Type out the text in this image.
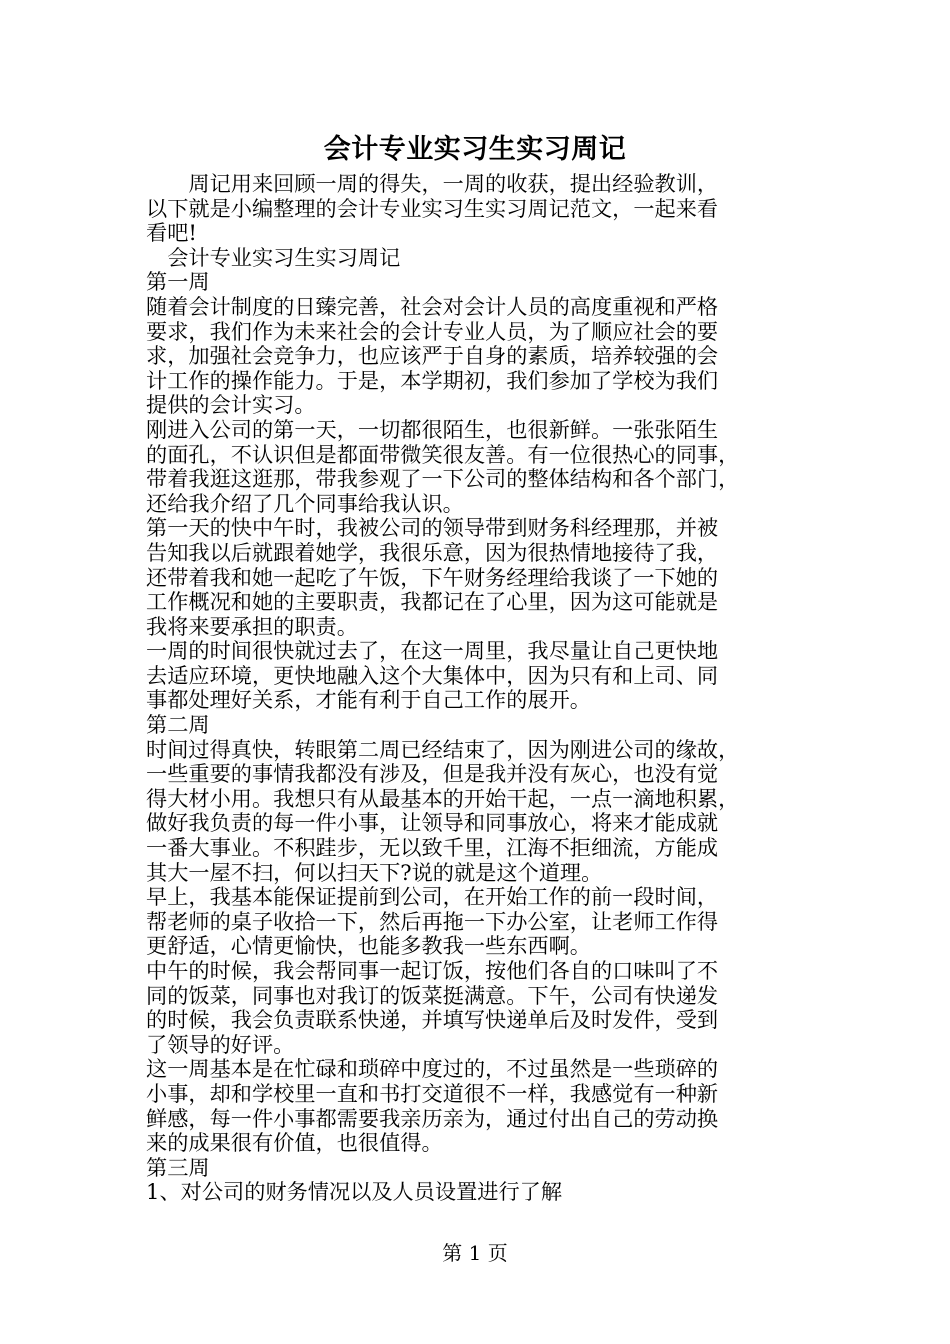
会计专业实习生实习周记
　　周记用来回顾一周的得失，一周的收获，提出经验教训，
以下就是小编整理的会计专业实习生实习周记范文，一起来看
看吧!
　会计专业实习生实习周记
第一周
随着会计制度的日臻完善，社会对会计人员的高度重视和严格
要求，我们作为未来社会的会计专业人员，为了顺应社会的要
求，加强社会竞争力，也应该严于自身的素质，培养较强的会
计工作的操作能力。于是，本学期初，我们参加了学校为我们
提供的会计实习。
刚进入公司的第一天，一切都很陌生，也很新鲜。一张张陌生
的面孔，不认识但是都面带微笑很友善。有一位很热心的同事，
带着我逛这逛那，带我参观了一下公司的整体结构和各个部门，
还给我介绍了几个同事给我认识。
第一天的快中午时，我被公司的领导带到财务科经理那，并被
告知我以后就跟着她学，我很乐意，因为很热情地接待了我，
还带着我和她一起吃了午饭，下午财务经理给我谈了一下她的
工作概况和她的主要职责，我都记在了心里，因为这可能就是
我将来要承担的职责。
一周的时间很快就过去了，在这一周里，我尽量让自己更快地
去适应环境，更快地融入这个大集体中，因为只有和上司、同
事都处理好关系，才能有利于自己工作的展开。
第二周
时间过得真快，转眼第二周已经结束了，因为刚进公司的缘故，
一些重要的事情我都没有涉及，但是我并没有灰心，也没有觉
得大材小用。我想只有从最基本的开始干起，一点一滴地积累，
做好我负责的每一件小事，让领导和同事放心，将来才能成就
一番大事业。不积跬步，无以致千里，江海不拒细流，方能成
其大一屋不扫，何以扫天下?说的就是这个道理。
早上，我基本能保证提前到公司，在开始工作的前一段时间，
帮老师的桌子收拾一下，然后再拖一下办公室，让老师工作得
更舒适，心情更愉快，也能多教我一些东西啊。
中午的时候，我会帮同事一起订饭，按他们各自的口味叫了不
同的饭菜，同事也对我订的饭菜挺满意。下午，公司有快递发
的时候，我会负责联系快递，并填写快递单后及时发件，受到
了领导的好评。
这一周基本是在忙碌和琐碎中度过的，不过虽然是一些琐碎的
小事，却和学校里一直和书打交道很不一样，我感觉有一种新
鲜感，每一件小事都需要我亲历亲为，通过付出自己的劳动换
来的成果很有价值，也很值得。
第三周
1、对公司的财务情况以及人员设置进行了解
第 1 页
